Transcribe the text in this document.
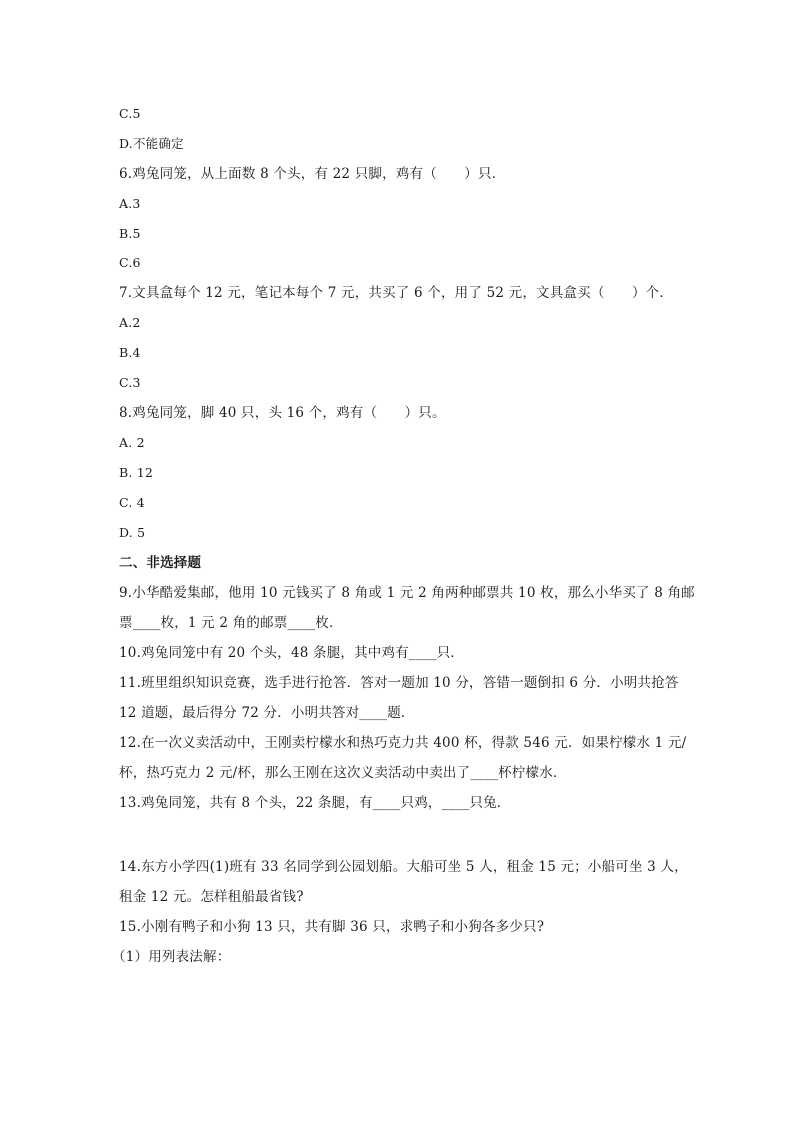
C.5
D.不能确定
6.鸡兔同笼，从上面数 8 个头，有 22 只脚，鸡有（　　）只．
A.3
B.5
C.6
7.文具盒每个 12 元，笔记本每个 7 元，共买了 6 个，用了 52 元，文具盒买（　　）个．
A.2
B.4
C.3
8.鸡兔同笼，脚 40 只，头 16 个，鸡有（　　）只。
A. 2
B. 12
C. 4
D. 5
二、非选择题
9.小华酷爱集邮，他用 10 元钱买了 8 角或 1 元 2 角两种邮票共 10 枚，那么小华买了 8 角邮
票____枚，1 元 2 角的邮票____枚．
10.鸡兔同笼中有 20 个头，48 条腿，其中鸡有____只．
11.班里组织知识竞赛，选手进行抢答．答对一题加 10 分，答错一题倒扣 6 分．小明共抢答
12 道题，最后得分 72 分．小明共答对____题．
12.在一次义卖活动中，王刚卖柠檬水和热巧克力共 400 杯，得款 546 元．如果柠檬水 1 元/
杯，热巧克力 2 元/杯，那么王刚在这次义卖活动中卖出了____杯柠檬水．
13.鸡兔同笼，共有 8 个头，22 条腿，有____只鸡，____只兔．
14.东方小学四(1)班有 33 名同学到公园划船。大船可坐 5 人，租金 15 元；小船可坐 3 人，
租金 12 元。怎样租船最省钱?
15.小刚有鸭子和小狗 13 只，共有脚 36 只，求鸭子和小狗各多少只?
（1）用列表法解：
